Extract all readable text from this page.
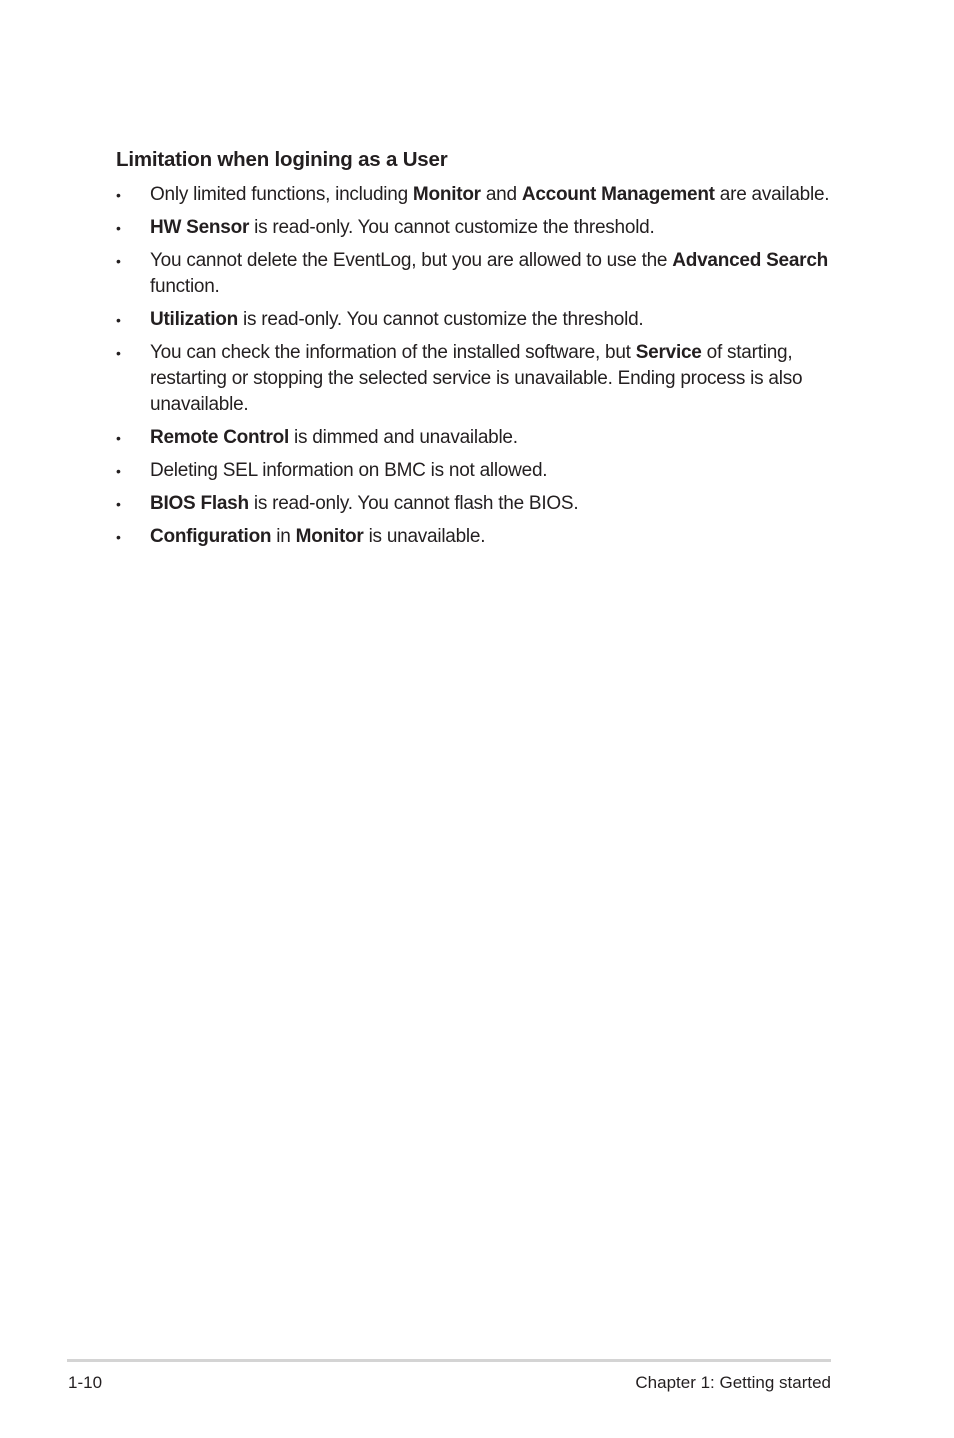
Limitation when logining as a User
• Only limited functions, including Monitor and Account Management are available.
• HW Sensor is read-only. You cannot customize the threshold.
• You cannot delete the EventLog, but you are allowed to use the Advanced Search function.
• Utilization is read-only. You cannot customize the threshold.
• You can check the information of the installed software, but Service of starting, restarting or stopping the selected service is unavailable. Ending process is also unavailable.
• Remote Control is dimmed and unavailable.
• Deleting SEL information on BMC is not allowed.
• BIOS Flash is read-only. You cannot flash the BIOS.
• Configuration in Monitor is unavailable.
1-10	Chapter 1: Getting started
